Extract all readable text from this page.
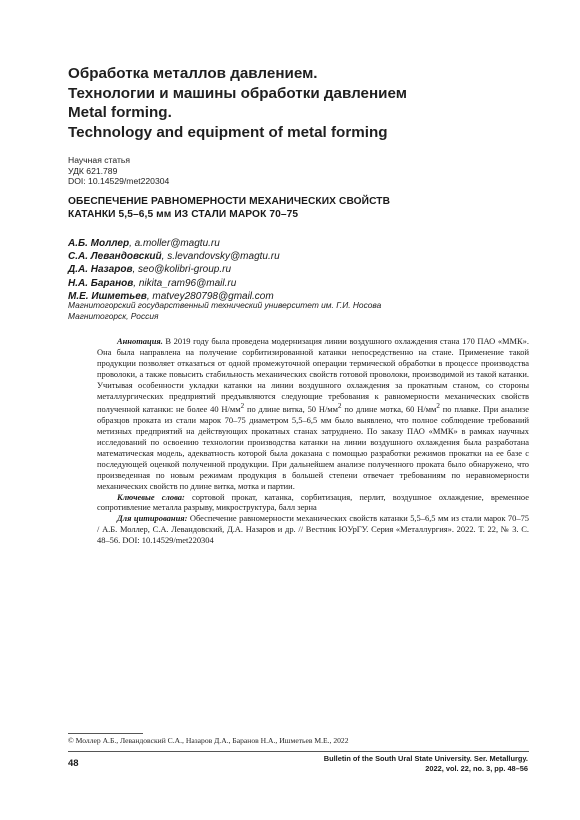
Обработка металлов давлением.
Технологии и машины обработки давлением
Metal forming.
Technology and equipment of metal forming
Научная статья
УДК 621.789
DOI: 10.14529/met220304
ОБЕСПЕЧЕНИЕ РАВНОМЕРНОСТИ МЕХАНИЧЕСКИХ СВОЙСТВ
КАТАНКИ 5,5–6,5 мм ИЗ СТАЛИ МАРОК 70–75
А.Б. Моллер, a.moller@magtu.ru
С.А. Левандовский, s.levandovsky@magtu.ru
Д.А. Назаров, seo@kolibri-group.ru
Н.А. Баранов, nikita_ram96@mail.ru
М.Е. Ишметьев, matvey280798@gmail.com
Магнитогорский государственный технический университет им. Г.И. Носова
Магнитогорск, Россия

Аннотация. В 2019 году была проведена модернизация линии воздушного охлаждения стана 170 ПАО «ММК». Она была направлена на получение сорбитизированной катанки непосредственно на стане. Применение такой продукции позволяет отказаться от одной промежуточной операции термической обработки в процессе производства проволоки, а также повысить стабильность механических свойств готовой проволоки, производимой из такой катанки. Учитывая особенности укладки катанки на линии воздушного охлаждения за прокатным станом, со стороны металлургических предприятий предъявляются следующие требования к равномерности механических свойств полученной катанки: не более 40 $Н/мм^2$ по длине витка, 50 $Н/мм^2$ по длине мотка, 60 $Н/мм^2$ по плавке. При анализе образцов проката из стали марок 70–75 диаметром 5,5–6,5 мм было выявлено, что полное соблюдение требований метизных предприятий на действующих прокатных станах затруднено. По заказу ПАО «ММК» в рамках научных исследований по освоению технологии производства катанки на линии воздушного охлаждения была разработана математическая модель, адекватность которой была доказана с помощью разработки режимов прокатки на ее базе с последующей оценкой полученной продукции. При дальнейшем анализе полученного проката было обнаружено, что произведенная по новым режимам продукция в большей степени отвечает требованиям по неравномерности механических свойств по длине витка, мотка и партии.

Ключевые слова: сортовой прокат, катанка, сорбитизация, перлит, воздушное охлаждение, временное сопротивление металла разрыву, микроструктура, балл зерна

Для цитирования: Обеспечение равномерности механических свойств катанки 5,5–6,5 мм из стали марок 70–75 / А.Б. Моллер, С.А. Левандовский, Д.А. Назаров и др. // Вестник ЮУрГУ. Серия «Металлургия». 2022. Т. 22, № 3. С. 48–56. DOI: 10.14529/met220304

© Моллер А.Б., Левандовский С.А., Назаров Д.А., Баранов Н.А., Ишметьев М.Е., 2022
48	Bulletin of the South Ural State University. Ser. Metallurgy.
2022, vol. 22, no. 3, pp. 48–56
